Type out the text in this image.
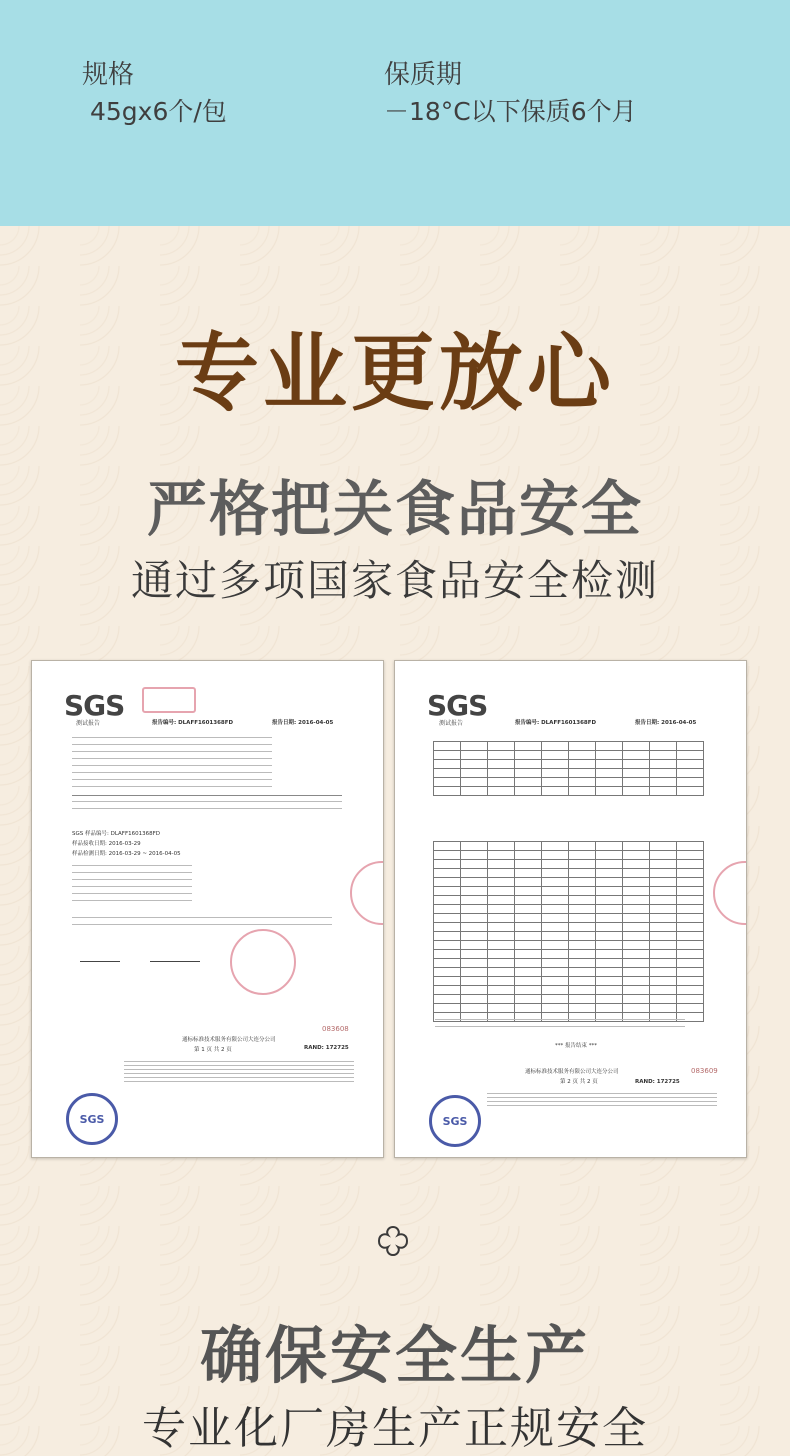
规格
45gx6个/包
保质期
－18°C以下保质6个月
专业更放心
严格把关食品安全
通过多项国家食品安全检测
SGS
测试报告	报告编号: DLAFF1601368FD	报告日期: 2016-04-05
SGS 样品编号: DLAFF1601368FD
样品接收日期: 2016-03-29
样品检测日期: 2016-03-29 ~ 2016-04-05
通标标准技术服务有限公司大连分公司
第 1 页 共 2 页	RAND: 172725
083608
SGS
SGS
测试报告	报告编号: DLAFF1601368FD	报告日期: 2016-04-05

*** 报告结束 ***
通标标准技术服务有限公司大连分公司
第 2 页 共 2 页	RAND: 172725
083609
SGS
确保安全生产
专业化厂房生产正规安全
